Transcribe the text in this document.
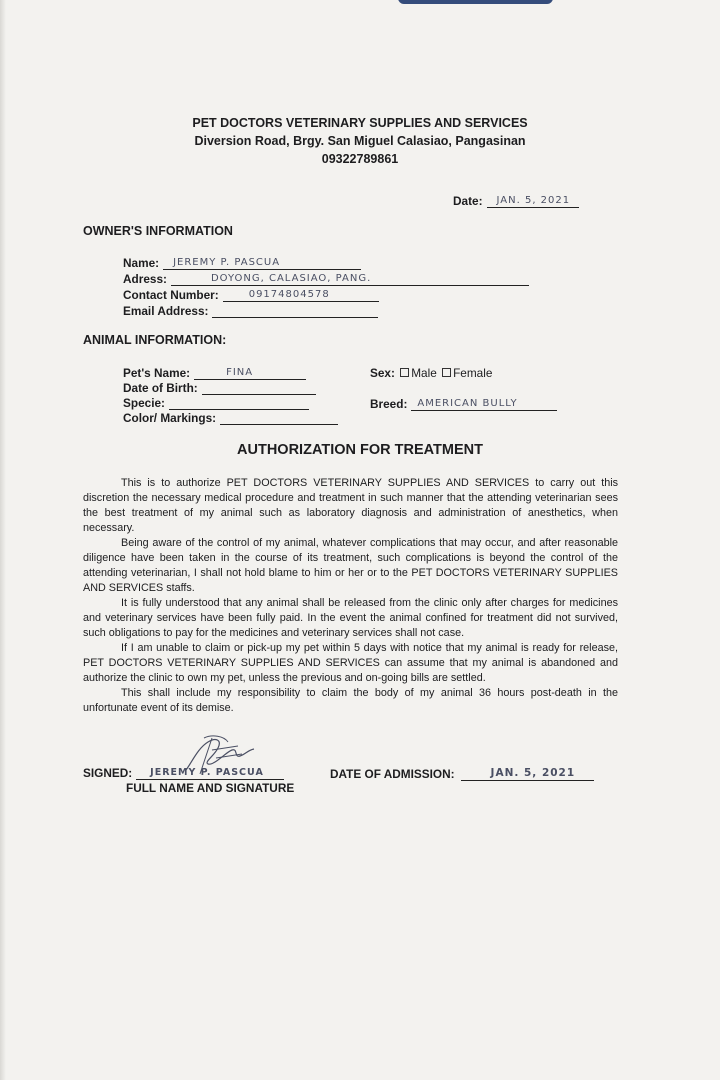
PET DOCTORS VETERINARY SUPPLIES AND SERVICES
Diversion Road, Brgy. San Miguel Calasiao, Pangasinan
09322789861
Date: JAN. 5, 2021
OWNER'S INFORMATION
Name: JEREMY P. PASCUA
Adress:	DOYONG, CALASIAO, PANG.
Contact Number:	09174804578
Email Address:
ANIMAL INFORMATION:
Pet's Name:	FINA
Date of Birth:
Specie:
Color/ Markings:
Sex: Male Female
Breed: AMERICAN BULLY
AUTHORIZATION FOR TREATMENT

This is to authorize PET DOCTORS VETERINARY SUPPLIES AND SERVICES to carry out this discretion the necessary medical procedure and treatment in such manner that the attending veterinarian sees the best treatment of my animal such as laboratory diagnosis and administration of anesthetics, when necessary.

Being aware of the control of my animal, whatever complications that may occur, and after reasonable diligence have been taken in the course of its treatment, such complications is beyond the control of the attending veterinarian, I shall not hold blame to him or her or to the PET DOCTORS VETERINARY SUPPLIES AND SERVICES staffs.

It is fully understood that any animal shall be released from the clinic only after charges for medicines and veterinary services have been fully paid. In the event the animal confined for treatment did not survived, such obligations to pay for the medicines and veterinary services shall not case.

If I am unable to claim or pick-up my pet within 5 days with notice that my animal is ready for release, PET DOCTORS VETERINARY SUPPLIES AND SERVICES can assume that my animal is abandoned and authorize the clinic to own my pet, unless the previous and on-going bills are settled.

This shall include my responsibility to claim the body of my animal 36 hours post-death in the unfortunate event of its demise.

SIGNED: JEREMY P. PASCUA
FULL NAME AND SIGNATURE
DATE OF ADMISSION:	JAN. 5, 2021
